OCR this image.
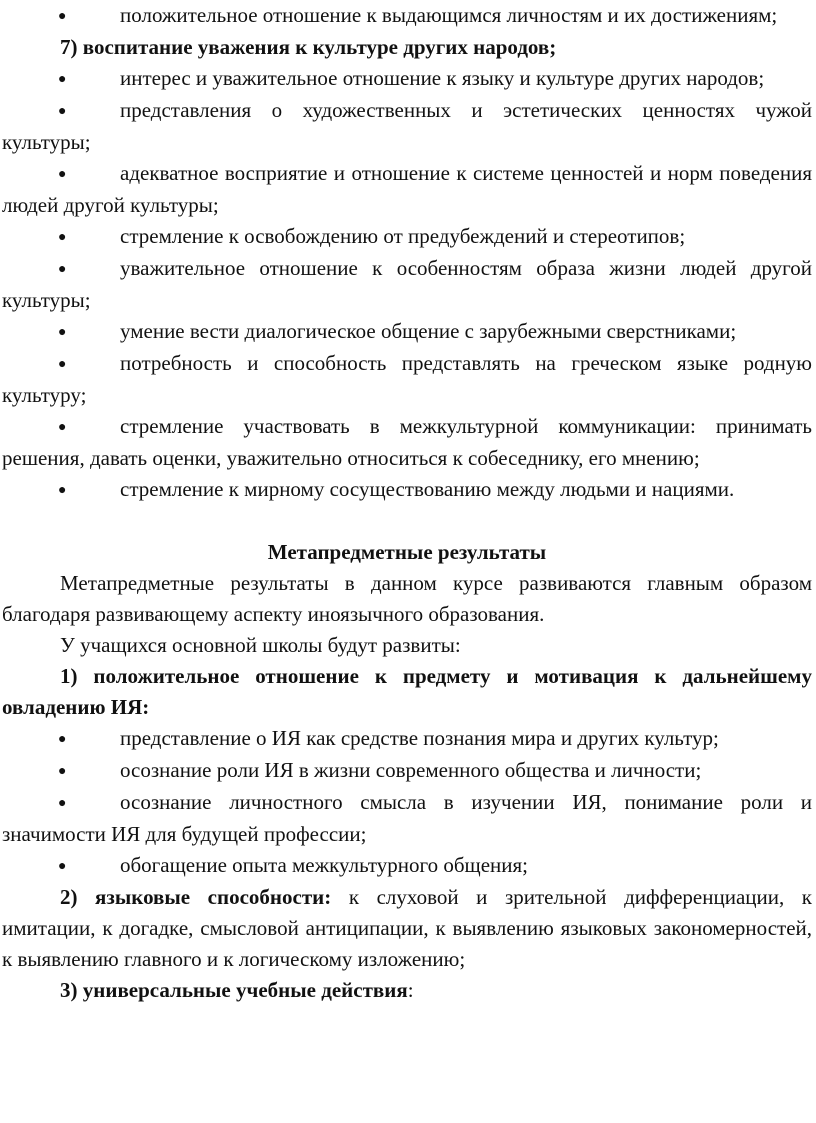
●	положительное отношение к выдающимся личностям и их достижениям;

7) воспитание уважения к культуре других народов;

●	интерес и уважительное отношение к языку и культуре других народов;

●	представления о художественных и эстетических ценностях чужой культуры;

●	адекватное восприятие и отношение к системе ценностей и норм поведения людей другой культуры;

●	стремление к освобождению от предубеждений и стереотипов;

●	уважительное отношение к особенностям образа жизни людей другой культуры;

●	умение вести диалогическое общение с зарубежными сверстниками;

●	потребность и способность представлять на греческом языке родную культуру;

●	стремление участвовать в межкультурной коммуникации: принимать решения, давать оценки, уважительно относиться к собеседнику, его мнению;

●	стремление к мирному сосуществованию между людьми и нациями.

Метапредметные результаты

Метапредметные результаты в данном курсе развиваются главным образом благодаря развивающему аспекту иноязычного образования.

У учащихся основной школы будут развиты:

1) положительное отношение к предмету и мотивация к дальнейшему овладению ИЯ:

●	представление о ИЯ как средстве познания мира и других культур;

●	осознание роли ИЯ в жизни современного общества и личности;

●	осознание личностного смысла в изучении ИЯ, понимание роли и значимости ИЯ для будущей профессии;

●	обогащение опыта межкультурного общения;

2) языковые способности: к слуховой и зрительной дифференциации, к имитации, к догадке, смысловой антиципации, к выявлению языковых закономерностей, к выявлению главного и к логическому изложению;

3) универсальные учебные действия:
